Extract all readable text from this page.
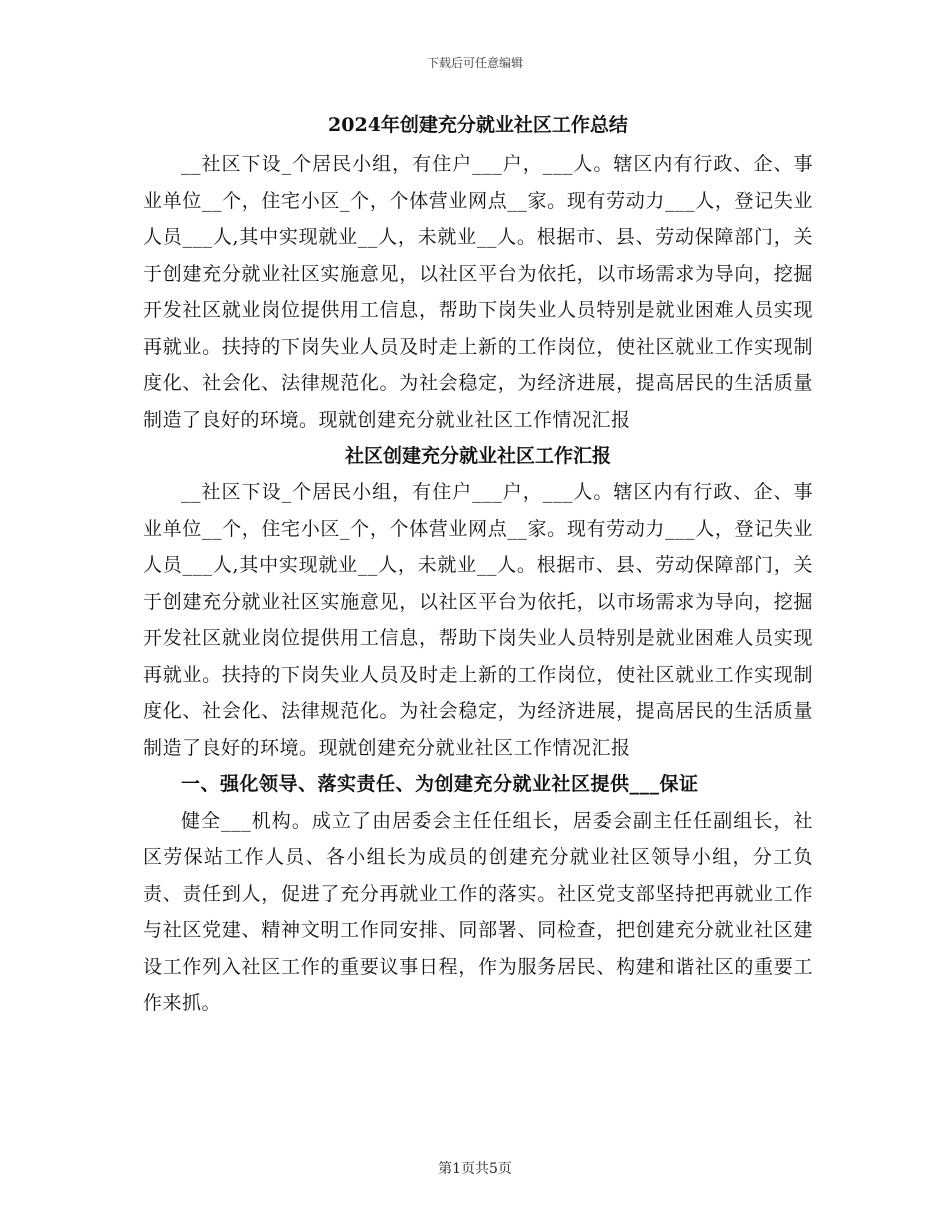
下载后可任意编辑
2024年创建充分就业社区工作总结

__社区下设_个居民小组，有住户___户，___人。辖区内有行政、企、事业单位__个，住宅小区_个，个体营业网点__家。现有劳动力___人，登记失业人员___人,其中实现就业__人，未就业__人。根据市、县、劳动保障部门，关于创建充分就业社区实施意见，以社区平台为依托，以市场需求为导向，挖掘开发社区就业岗位提供用工信息，帮助下岗失业人员特别是就业困难人员实现再就业。扶持的下岗失业人员及时走上新的工作岗位，使社区就业工作实现制度化、社会化、法律规范化。为社会稳定，为经济进展，提高居民的生活质量制造了良好的环境。现就创建充分就业社区工作情况汇报

社区创建充分就业社区工作汇报

__社区下设_个居民小组，有住户___户，___人。辖区内有行政、企、事业单位__个，住宅小区_个，个体营业网点__家。现有劳动力___人，登记失业人员___人,其中实现就业__人，未就业__人。根据市、县、劳动保障部门，关于创建充分就业社区实施意见，以社区平台为依托，以市场需求为导向，挖掘开发社区就业岗位提供用工信息，帮助下岗失业人员特别是就业困难人员实现再就业。扶持的下岗失业人员及时走上新的工作岗位，使社区就业工作实现制度化、社会化、法律规范化。为社会稳定，为经济进展，提高居民的生活质量制造了良好的环境。现就创建充分就业社区工作情况汇报

一、强化领导、落实责任、为创建充分就业社区提供___保证

健全___机构。成立了由居委会主任任组长，居委会副主任任副组长，社区劳保站工作人员、各小组长为成员的创建充分就业社区领导小组，分工负责、责任到人，促进了充分再就业工作的落实。社区党支部坚持把再就业工作与社区党建、精神文明工作同安排、同部署、同检查，把创建充分就业社区建设工作列入社区工作的重要议事日程，作为服务居民、构建和谐社区的重要工作来抓。

第1页共5页
